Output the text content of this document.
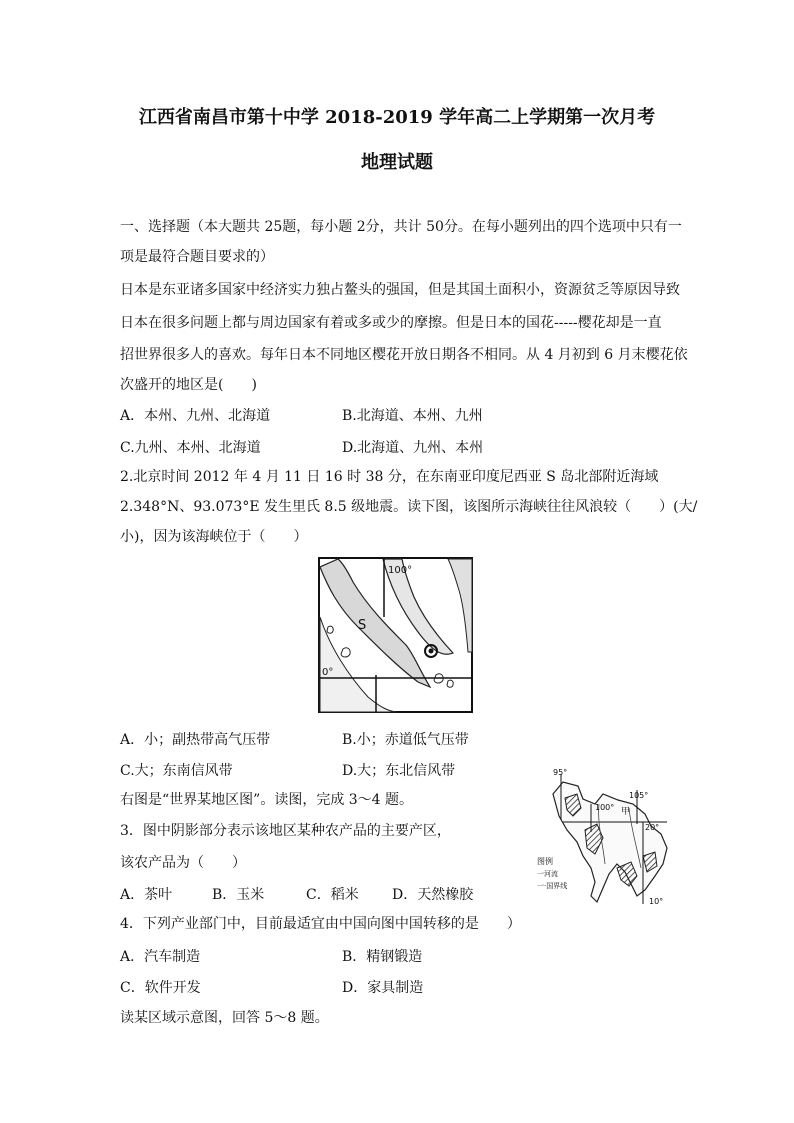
江西省南昌市第十中学 2018-2019 学年高二上学期第一次月考
地理试题
一、选择题（本大题共 25题，每小题 2分，共计 50分。在每小题列出的四个选项中只有一
项是最符合题目要求的）
日本是东亚诸多国家中经济实力独占鳌头的强国，但是其国土面积小，资源贫乏等原因导致
日本在很多问题上都与周边国家有着或多或少的摩擦。但是日本的国花-----樱花却是一直
招世界很多人的喜欢。每年日本不同地区樱花开放日期各不相同。从 4 月初到 6 月末樱花依
次盛开的地区是(　　)
A．本州、九州、北海道	B.北海道、本州、九州
C.九州、本州、北海道	D.北海道、九州、本州
2.北京时间 2012 年 4 月 11 日 16 时 38 分，在东南亚印度尼西亚 S 岛北部附近海域
2.348°N、93.073°E 发生里氏 8.5 级地震。读下图，该图所示海峡往往风浪较（　　）(大/
小)，因为该海峡位于（　　）
100°
S
0°
A．小；副热带高气压带	B.小；赤道低气压带
C.大；东南信风带	D.大；东北信风带
右图是“世界某地区图”。读图，完成 3～4 题。
3．图中阴影部分表示该地区某种农产品的主要产区，
该农产品为（　　）
A．茶叶	B．玉米	C．稻米 D．天然橡胶
95°
100°
105°
20°
10°
甲
图例
一河流
一·国界线
4．下列产业部门中，目前最适宜由中国向图中国转移的是　　）
A．汽车制造	B．精钢锻造
C．软件开发	D．家具制造
读某区域示意图，回答 5～8 题。
